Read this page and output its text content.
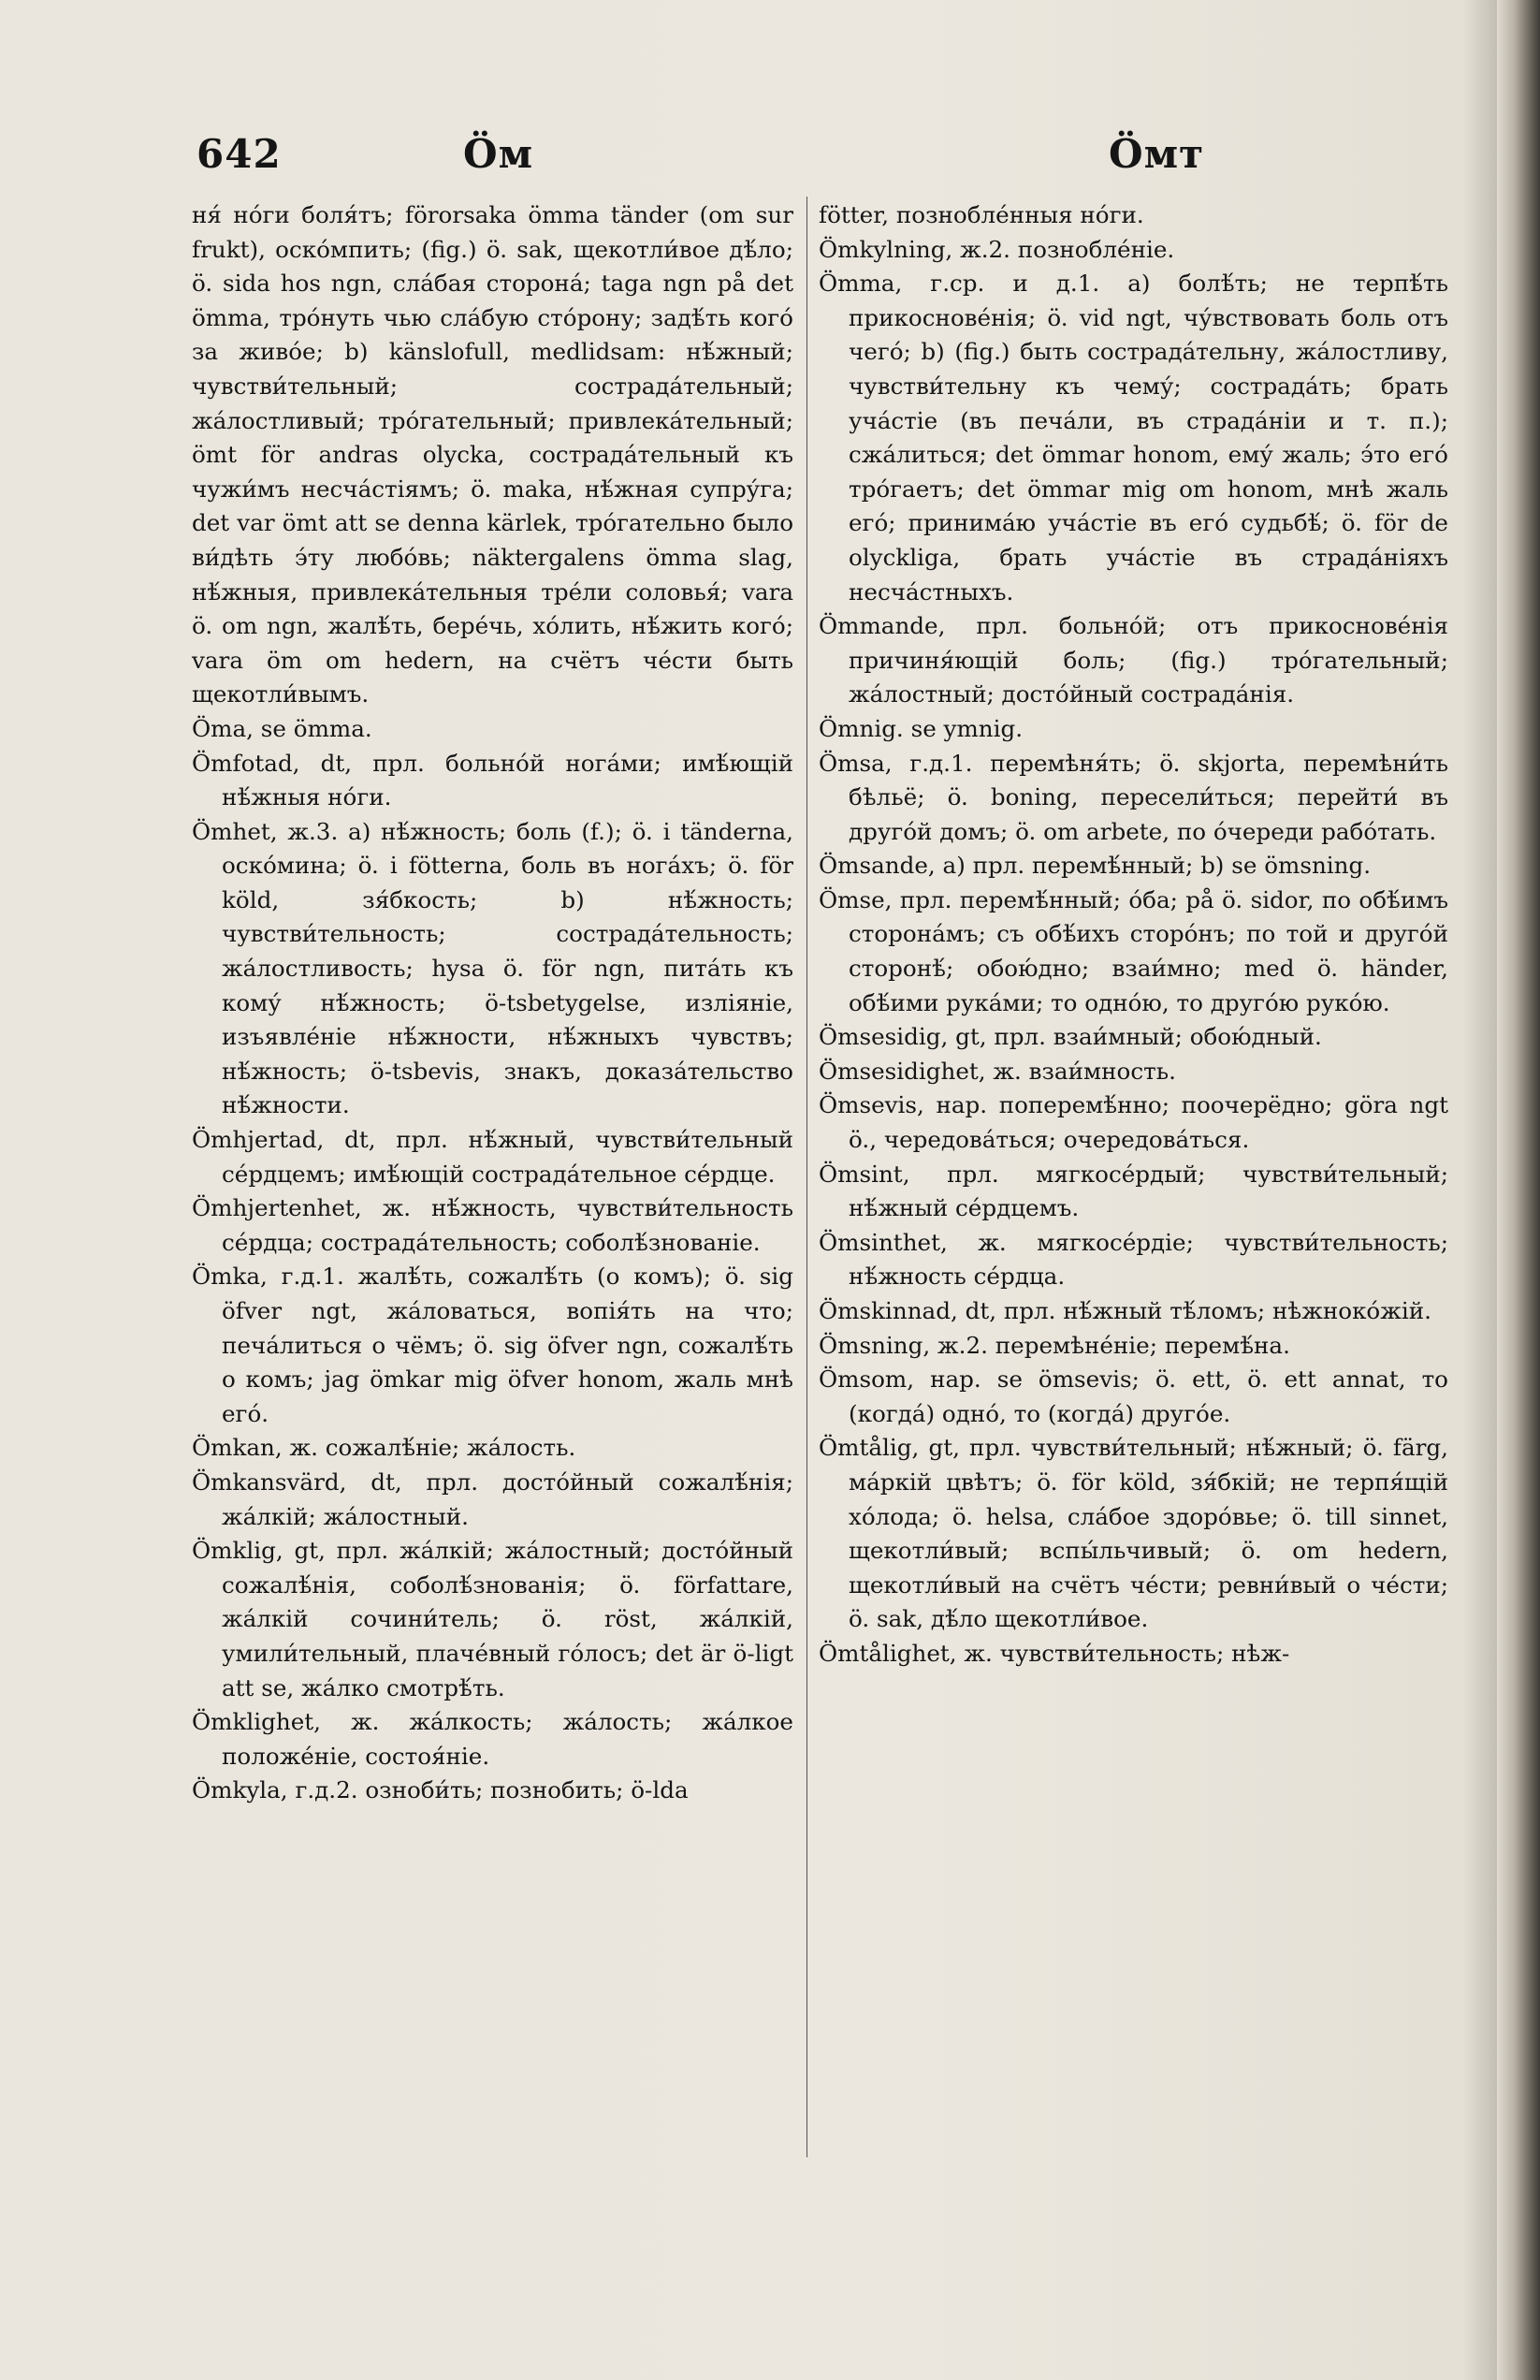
642	Öм	Öмт

ня́ но́ги боля́тъ; förorsaka ömma tänder (om sur frukt), оско́мпить; (fig.) ö. sak, щекотли́вое дѣ́ло; ö. sida hos ngn, сла́бая сторона́; taga ngn på det ömma, тро́нуть чью сла́бую сто́рону; задѣ́ть кого́ за живо́е; b) känslofull, medlidsam: нѣ́жный; чувстви́тельный; сострада́тельный; жа́лостливый; тро́гательный; привлека́тельный; ömt för andras olycka, сострада́тельный къ чужи́мъ несча́стіямъ; ö. maka, нѣ́жная супру́га; det var ömt att se denna kärlek, тро́гательно было ви́дѣть э́ту любо́вь; näktergalens ömma slag, нѣ́жныя, привлека́тельныя тре́ли соловья́; vara ö. om ngn, жалѣ́ть, берéчь, хо́лить, нѣ́жить кого́; vara öm om hedern, на счётъ чéсти быть щекотли́вымъ.

Öma, se ömma.

Ömfotad, dt, прл. больно́й нога́ми; имѣ́ющій нѣ́жныя но́ги.

Ömhet, ж.3. a) нѣ́жность; боль (f.); ö. i tänderna, оско́мина; ö. i fötterna, боль въ нога́хъ; ö. för köld, зя́бкость; b) нѣ́жность; чувстви́тельность; сострада́тельность; жа́лостливость; hysa ö. för ngn, пита́ть къ кому́ нѣ́жность; ö-tsbetygelse, изліяніе, изъявлéніе нѣ́жности, нѣ́жныхъ чувствъ; нѣ́жность; ö-tsbevis, знакъ, доказа́тельство нѣ́жности.

Ömhjertad, dt, прл. нѣ́жный, чувстви́тельный се́рдцемъ; имѣ́ющій сострада́тельное се́рдце.

Ömhjertenhet, ж. нѣ́жность, чувстви́тельность се́рдца; сострада́тельность; соболѣ́знованіе.

Ömka, г.д.1. жалѣ́ть, сожалѣ́ть (о комъ); ö. sig öfver ngt, жа́ловаться, вопія́ть на что; печа́литься о чёмъ; ö. sig öfver ngn, сожалѣ́ть о комъ; jag ömkar mig öfver honom, жаль мнѣ его́.

Ömkan, ж. сожалѣ́ніе; жа́лость.

Ömkansvärd, dt, прл. досто́йный сожалѣ́нія; жа́лкій; жа́лостный.

Ömklig, gt, прл. жа́лкій; жа́лостный; досто́йный сожалѣ́нія, соболѣ́знованія; ö. författare, жа́лкій сочини́тель; ö. röst, жа́лкій, умили́тельный, плачéвный го́лосъ; det är ö-ligt att se, жа́лко смотрѣ́ть.

Ömklighet, ж. жа́лкость; жа́лость; жа́лкое положéніе, состоя́ніе.

Ömkyla, г.д.2. озноби́ть; познобить; ö-lda

fötter, позноблéнныя но́ги.

Ömkylning, ж.2. позноблéніе.

Ömma, г.ср. и д.1. a) болѣ́ть; не терпѣ́ть прикосновéнія; ö. vid ngt, чу́вствовать боль отъ чего́; b) (fig.) быть сострада́тельну, жа́лостливу, чувстви́тельну къ чему́; сострада́ть; брать уча́стіе (въ печа́ли, въ страда́ніи и т. п.); сжа́литься; det ömmar honom, ему́ жаль; э́то его́ тро́гаетъ; det ömmar mig om honom, мнѣ жаль его́; принима́ю уча́стіе въ его́ судьбѣ́; ö. för de olyckliga, брать уча́стіе въ страда́ніяхъ несча́стныхъ.

Ömmande, прл. больно́й; отъ прикосновéнія причиня́ющій боль; (fig.) тро́гательный; жа́лостный; досто́йный сострада́нія.

Ömnig. se ymnig.

Ömsa, г.д.1. перемѣня́ть; ö. skjorta, перемѣни́ть бѣльё; ö. boning, пересели́ться; перейти́ въ друго́й домъ; ö. om arbete, по о́череди рабо́тать.

Ömsande, a) прл. перемѣ́нный; b) se ömsning.

Ömse, прл. перемѣ́нный; о́ба; på ö. sidor, по обѣ́имъ сторона́мъ; съ обѣ́ихъ сторо́нъ; по той и друго́й сторонѣ́; обою́дно; взаи́мно; med ö. händer, обѣ́ими рука́ми; то одно́ю, то друго́ю руко́ю.

Ömsesidig, gt, прл. взаи́мный; обою́дный.

Ömsesidighet, ж. взаи́мность.

Ömsevis, нар. поперемѣ́нно; поочерёдно; göra ngt ö., чередова́ться; очередова́ться.

Ömsint, прл. мягкосéрдый; чувстви́тельный; нѣ́жный се́рдцемъ.

Ömsinthet, ж. мягкосéрдіе; чувстви́тельность; нѣ́жность се́рдца.

Ömskinnad, dt, прл. нѣ́жный тѣ́ломъ; нѣжноко́жій.

Ömsning, ж.2. перемѣнéніе; перемѣ́на.

Ömsom, нар. se ömsevis; ö. ett, ö. ett annat, то (когда́) одно́, то (когда́) друго́е.

Ömtålig, gt, прл. чувстви́тельный; нѣ́жный; ö. färg, ма́ркій цвѣтъ; ö. för köld, зя́бкій; не терпя́щій хо́лода; ö. helsa, сла́бое здоро́вье; ö. till sinnet, щекотли́вый; вспы́льчивый; ö. om hedern, щекотли́вый на счётъ чéсти; ревни́вый о чéсти; ö. sak, дѣ́ло щекотли́вое.

Ömtålighet, ж. чувстви́тельность; нѣж-
